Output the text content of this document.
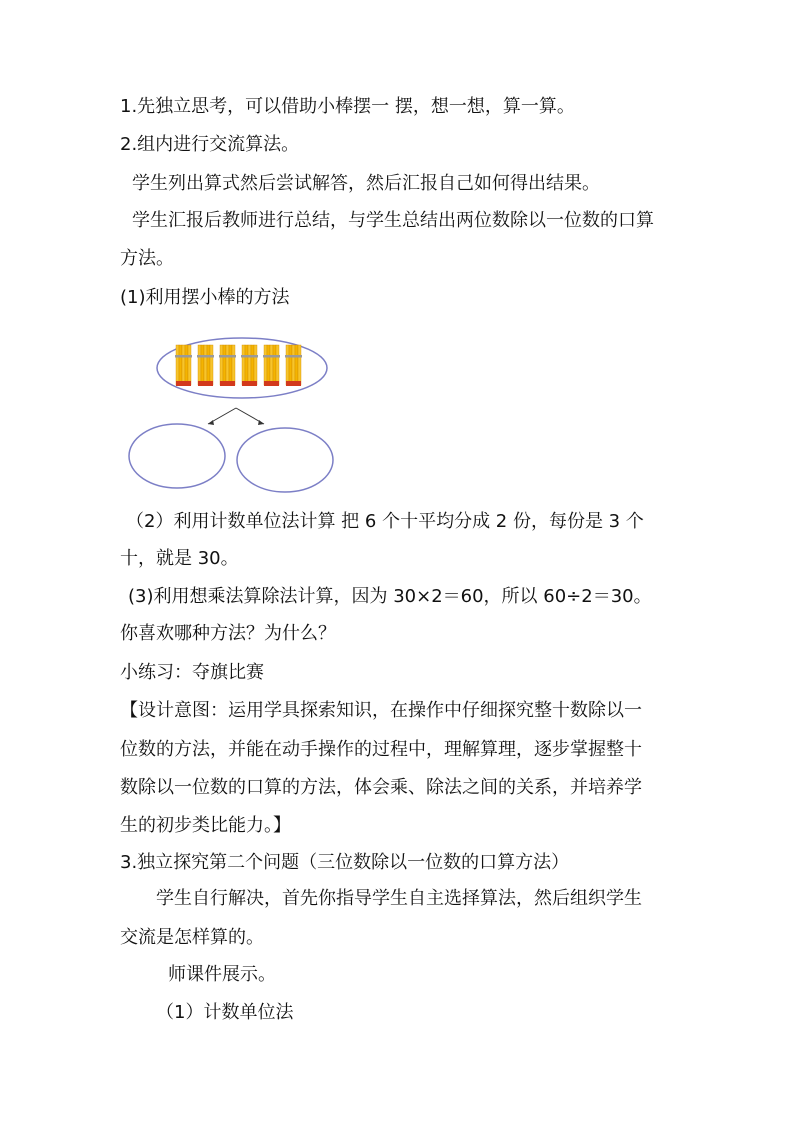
1.先独立思考，可以借助小棒摆一 摆，想一想，算一算。
2.组内进行交流算法。
学生列出算式然后尝试解答，然后汇报自己如何得出结果。
学生汇报后教师进行总结，与学生总结出两位数除以一位数的口算
方法。
(1)利用摆小棒的方法
（2）利用计数单位法计算 把 6 个十平均分成 2 份，每份是 3 个
十，就是 30。
(3)利用想乘法算除法计算，因为 30×2＝60，所以 60÷2＝30。
你喜欢哪种方法？为什么？
小练习：夺旗比赛
【设计意图：运用学具探索知识，在操作中仔细探究整十数除以一
位数的方法，并能在动手操作的过程中，理解算理，逐步掌握整十
数除以一位数的口算的方法，体会乘、除法之间的关系，并培养学
生的初步类比能力。】
3.独立探究第二个问题（三位数除以一位数的口算方法）
学生自行解决，首先你指导学生自主选择算法，然后组织学生
交流是怎样算的。
师课件展示。
（1）计数单位法
